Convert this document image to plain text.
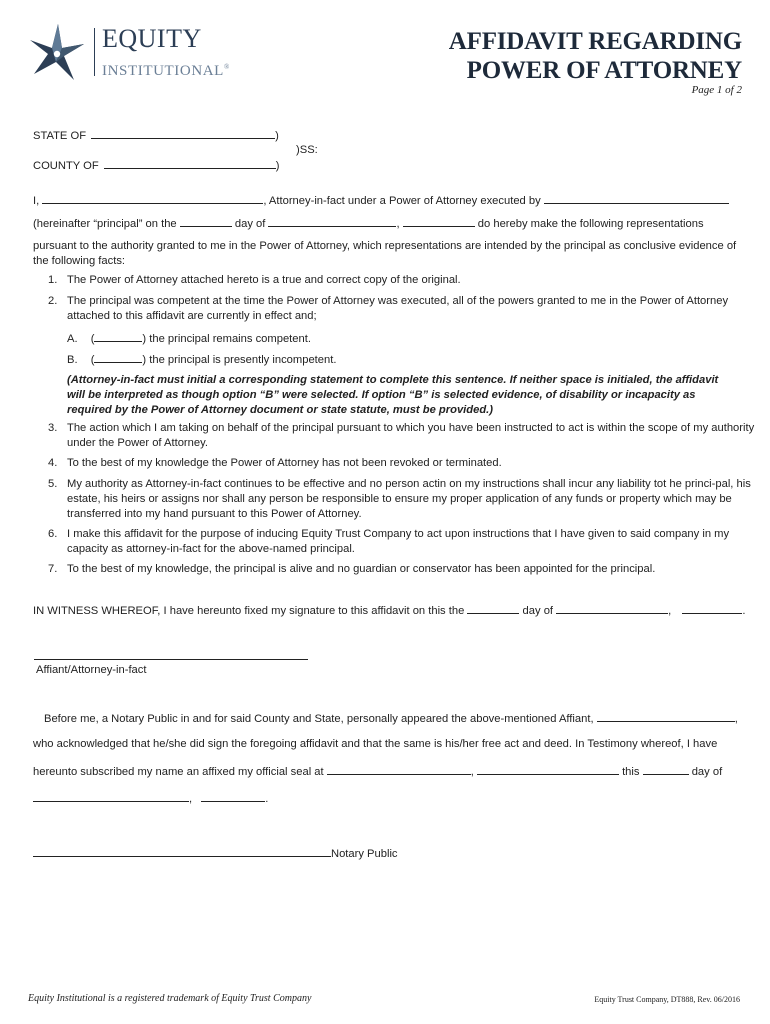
EQUITY
INSTITUTIONAL®
AFFIDAVIT REGARDING
POWER OF ATTORNEY
Page 1 of 2
STATE OF	)
)SS:
COUNTY OF	)
I,	, Attorney-in-fact under a Power of Attorney executed by
(hereinafter “principal” on the	day of	,	do hereby make the following representations
pursuant to the authority granted to me in the Power of Attorney, which representations are intended by the principal as conclusive evidence of the following facts:
1. The Power of Attorney attached hereto is a true and correct copy of the original.
2. The principal was competent at the time the Power of Attorney was executed, all of the powers granted to me in the Power of Attorney attached to this affidavit are currently in effect and;
A. (	) the principal remains competent.
B. (	) the principal is presently incompetent.
(Attorney-in-fact must initial a corresponding statement to complete this sentence. If neither space is initialed, the affidavit will be interpreted as though option “B” were selected. If option “B” is selected evidence, of disability or incapacity as required by the Power of Attorney document or state statute, must be provided.)
3. The action which I am taking on behalf of the principal pursuant to which you have been instructed to act is within the scope of my authority under the Power of Attorney.
4. To the best of my knowledge the Power of Attorney has not been revoked or terminated.
5. My authority as Attorney-in-fact continues to be effective and no person actin on my instructions shall incur any liability tot he princi-pal, his estate, his heirs or assigns nor shall any person be responsible to ensure my proper application of any funds or property which may be transferred into my hand pursuant to this Power of Attorney.
6. I make this affidavit for the purpose of inducing Equity Trust Company to act upon instructions that I have given to said company in my capacity as attorney-in-fact for the above-named principal.
7. To the best of my knowledge, the principal is alive and no guardian or conservator has been appointed for the principal.
IN WITNESS WHEREOF, I have hereunto fixed my signature to this affidavit on this the	day of	,	.
Affiant/Attorney-in-fact
Before me, a Notary Public in and for said County and State, personally appeared the above-mentioned Affiant,	,
who acknowledged that he/she did sign the foregoing affidavit and that the same is his/her free act and deed. In Testimony whereof, I have
hereunto subscribed my name an affixed my official seal at	,	this	day of
,	.
Notary Public
Equity Institutional is a registered trademark of Equity Trust Company	Equity Trust Company, DT888, Rev. 06/2016
